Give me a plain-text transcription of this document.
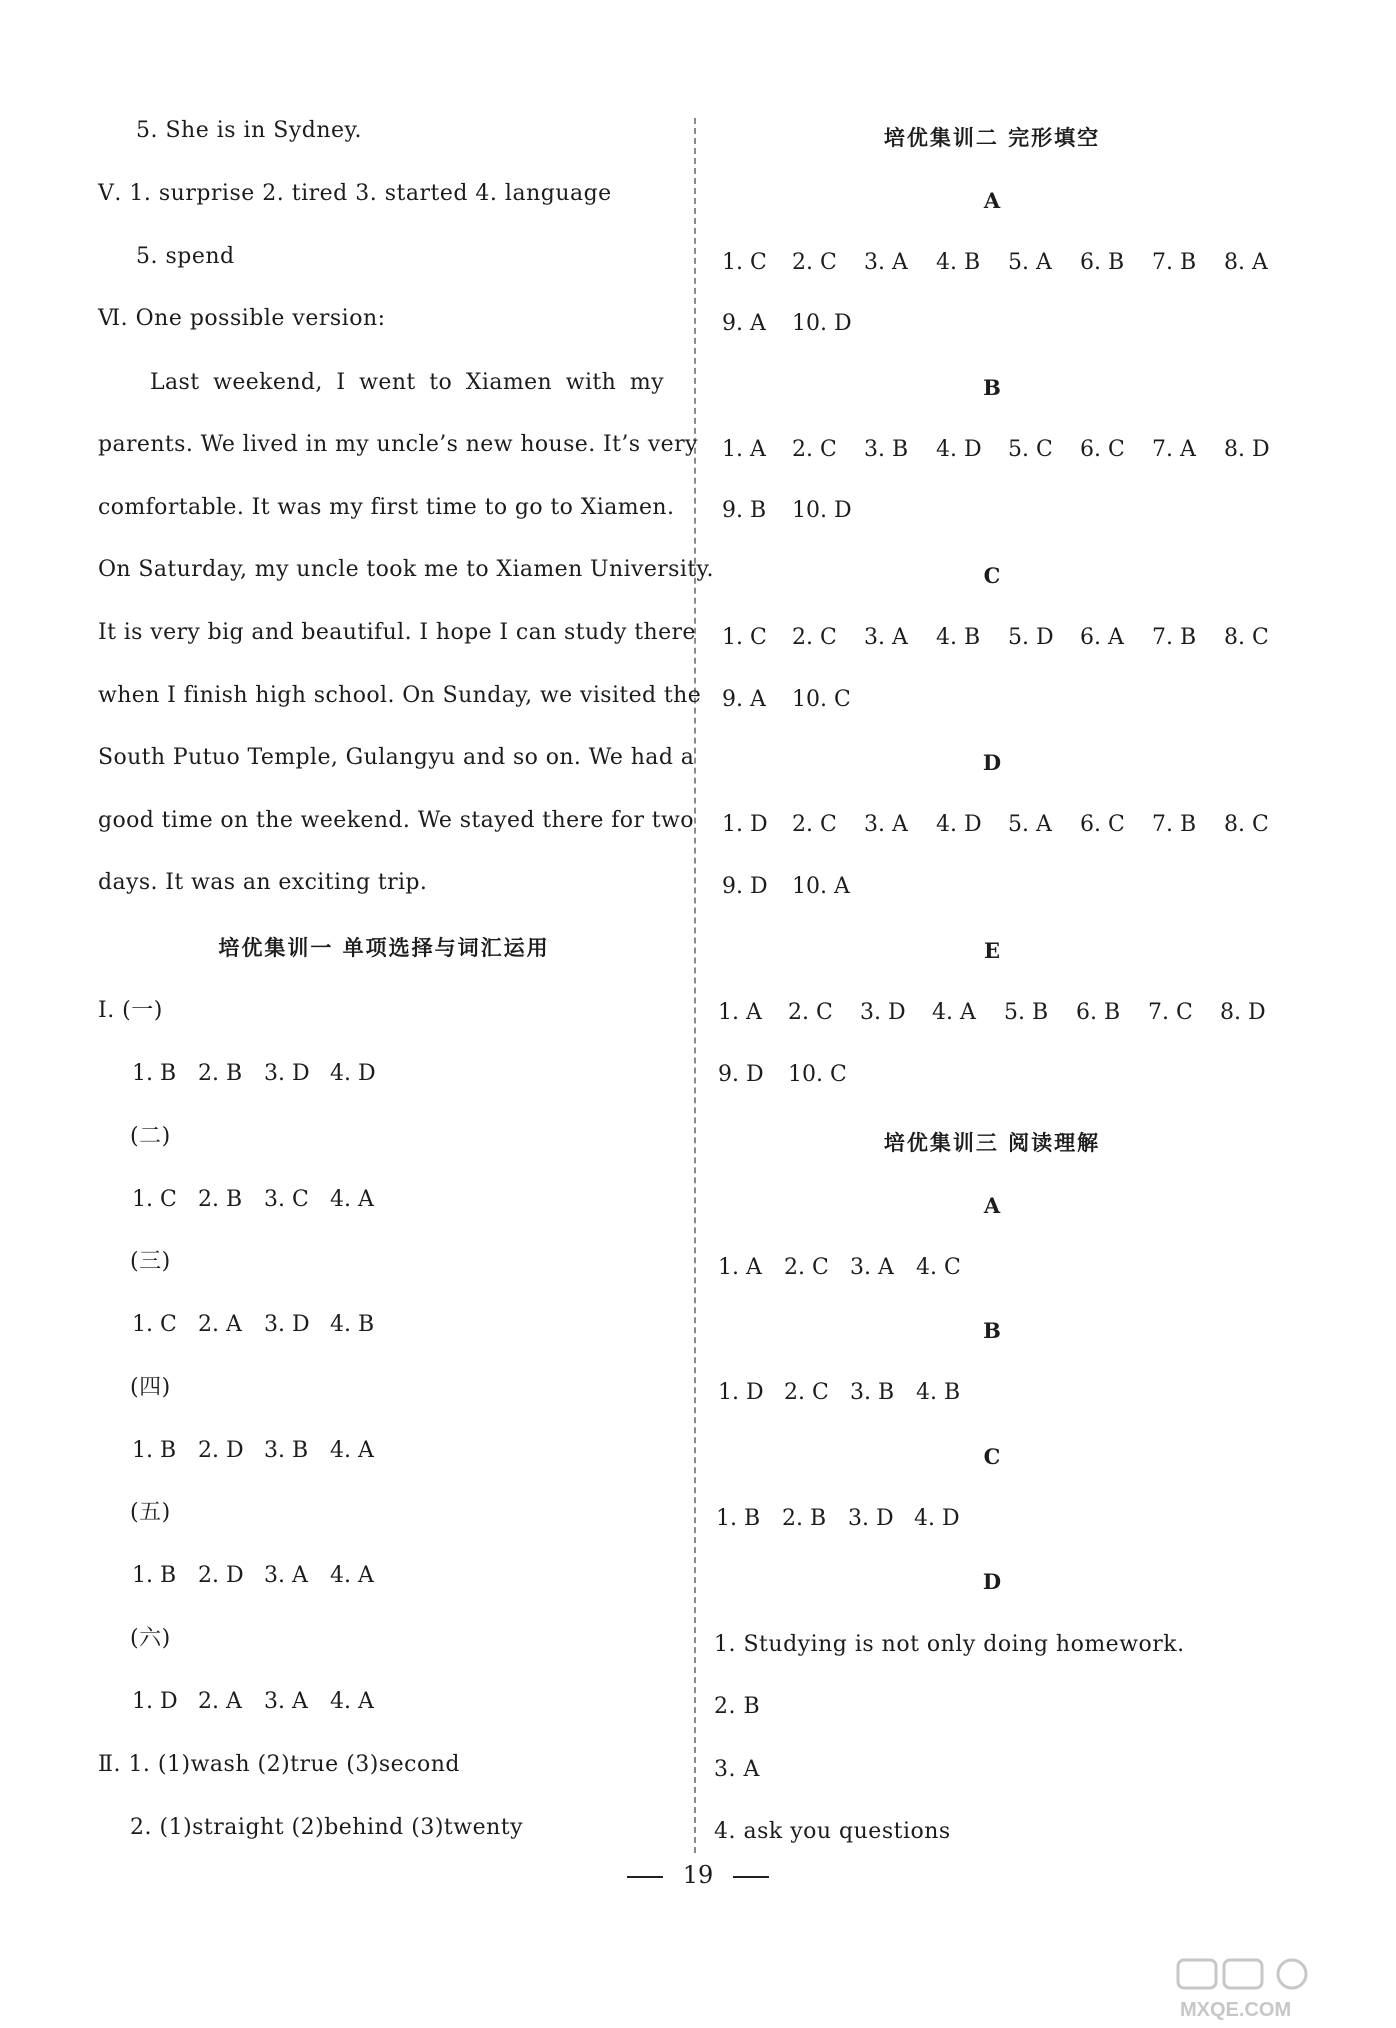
5. She is in Sydney.
Ⅴ. 1. surprise 2. tired 3. started 4. language
5. spend
Ⅵ. One possible version:
Last weekend, I went to Xiamen with my
parents. We lived in my uncle’s new house. It’s very
comfortable. It was my first time to go to Xiamen.
On Saturday, my uncle took me to Xiamen University.
It is very big and beautiful. I hope I can study there
when I finish high school. On Sunday, we visited the
South Putuo Temple, Gulangyu and so on. We had a
good time on the weekend. We stayed there for two
days. It was an exciting trip.
培优集训一 单项选择与词汇运用
Ⅰ. (一)
1. B 2. B 3. D 4. D
(二)
1. C 2. B 3. C 4. A
(三)
1. C 2. A 3. D 4. B
(四)
1. B 2. D 3. B 4. A
(五)
1. B 2. D 3. A 4. A
(六)
1. D 2. A 3. A 4. A
Ⅱ. 1. (1)wash (2)true (3)second
2. (1)straight (2)behind (3)twenty
培优集训二 完形填空
A
1. C 2. C 3. A 4. B 5. A 6. B 7. B 8. A
9. A 10. D
B
1. A 2. C 3. B 4. D 5. C 6. C 7. A 8. D
9. B 10. D
C
1. C 2. C 3. A 4. B 5. D 6. A 7. B 8. C
9. A 10. C
D
1. D 2. C 3. A 4. D 5. A 6. C 7. B 8. C
9. D 10. A
E
1. A 2. C 3. D 4. A 5. B 6. B 7. C 8. D
9. D 10. C
培优集训三 阅读理解
A
1. A 2. C 3. A 4. C
B
1. D 2. C 3. B 4. B
C
1. B 2. B 3. D 4. D
D
1. Studying is not only doing homework.
2. B
3. A
4. ask you questions
19
MXQE.COM
